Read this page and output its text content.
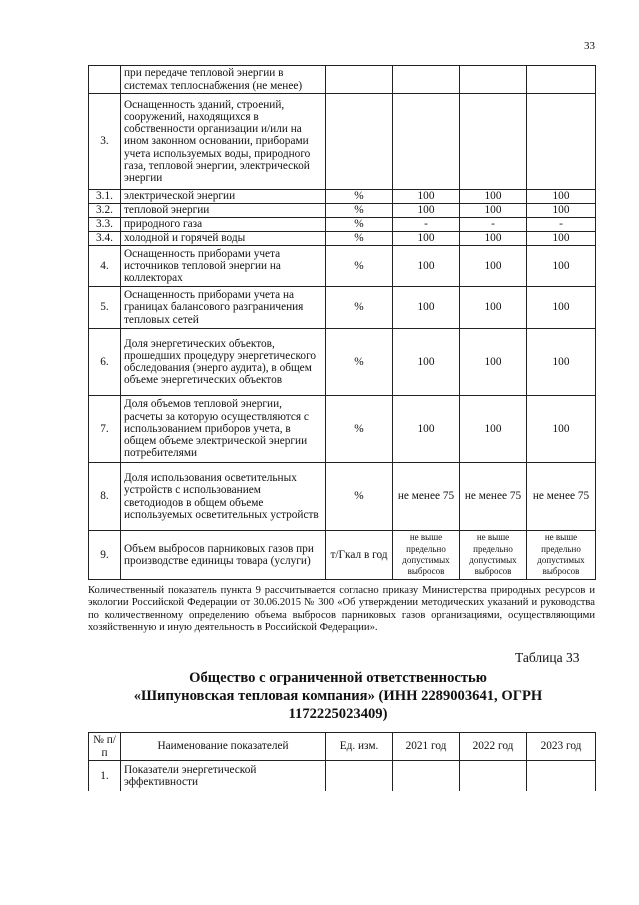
33
	при передаче тепловой энергии в системах теплоснабжения (не менее)				
3.	Оснащенность зданий, строений, сооружений, находящихся в собственности организации и/или на ином законном основании, приборами учета используемых воды, природного газа, тепловой энергии, электрической энергии				
3.1.	электрической энергии	%	100	100	100
3.2.	тепловой энергии	%	100	100	100
3.3.	природного газа	%	-	-	-
3.4.	холодной и горячей воды	%	100	100	100
4.	Оснащенность приборами учета источников тепловой энергии на коллекторах	%	100	100	100
5.	Оснащенность приборами учета на границах балансового разграничения тепловых сетей	%	100	100	100
6.	Доля энергетических объектов, прошедших процедуру энергетического обследования (энерго аудита), в общем объеме энергетических объектов	%	100	100	100
7.	Доля объемов тепловой энергии, расчеты за которую осуществляются с использованием приборов учета, в общем объеме электрической энергии потребителями	%	100	100	100
8.	Доля использования осветительных устройств с использованием светодиодов в общем объеме используемых осветительных устройств	%	не менее 75	не менее 75	не менее 75
9.	Объем выбросов парниковых газов при производстве единицы товара (услуги)	т/Гкал в год	не выше предельно допустимых выбросов	не выше предельно допустимых выбросов	не выше предельно допустимых выбросов

Количественный показатель пункта 9 рассчитывается согласно приказу Министерства природных ресурсов и экологии Российской Федерации от 30.06.2015 № 300 «Об утверждении методических указаний и руководства по количественному определению объема выбросов парниковых газов организациями, осуществляющими хозяйственную и иную деятельность в Российской Федерации».

Таблица 33

Общество с ограниченной ответственностью
«Шипуновская тепловая компания» (ИНН 2289003641, ОГРН
1172225023409)
№ п/п	Наименование показателей	Ед. изм.	2021 год	2022 год	2023 год
1.	Показатели энергетической эффективности				
